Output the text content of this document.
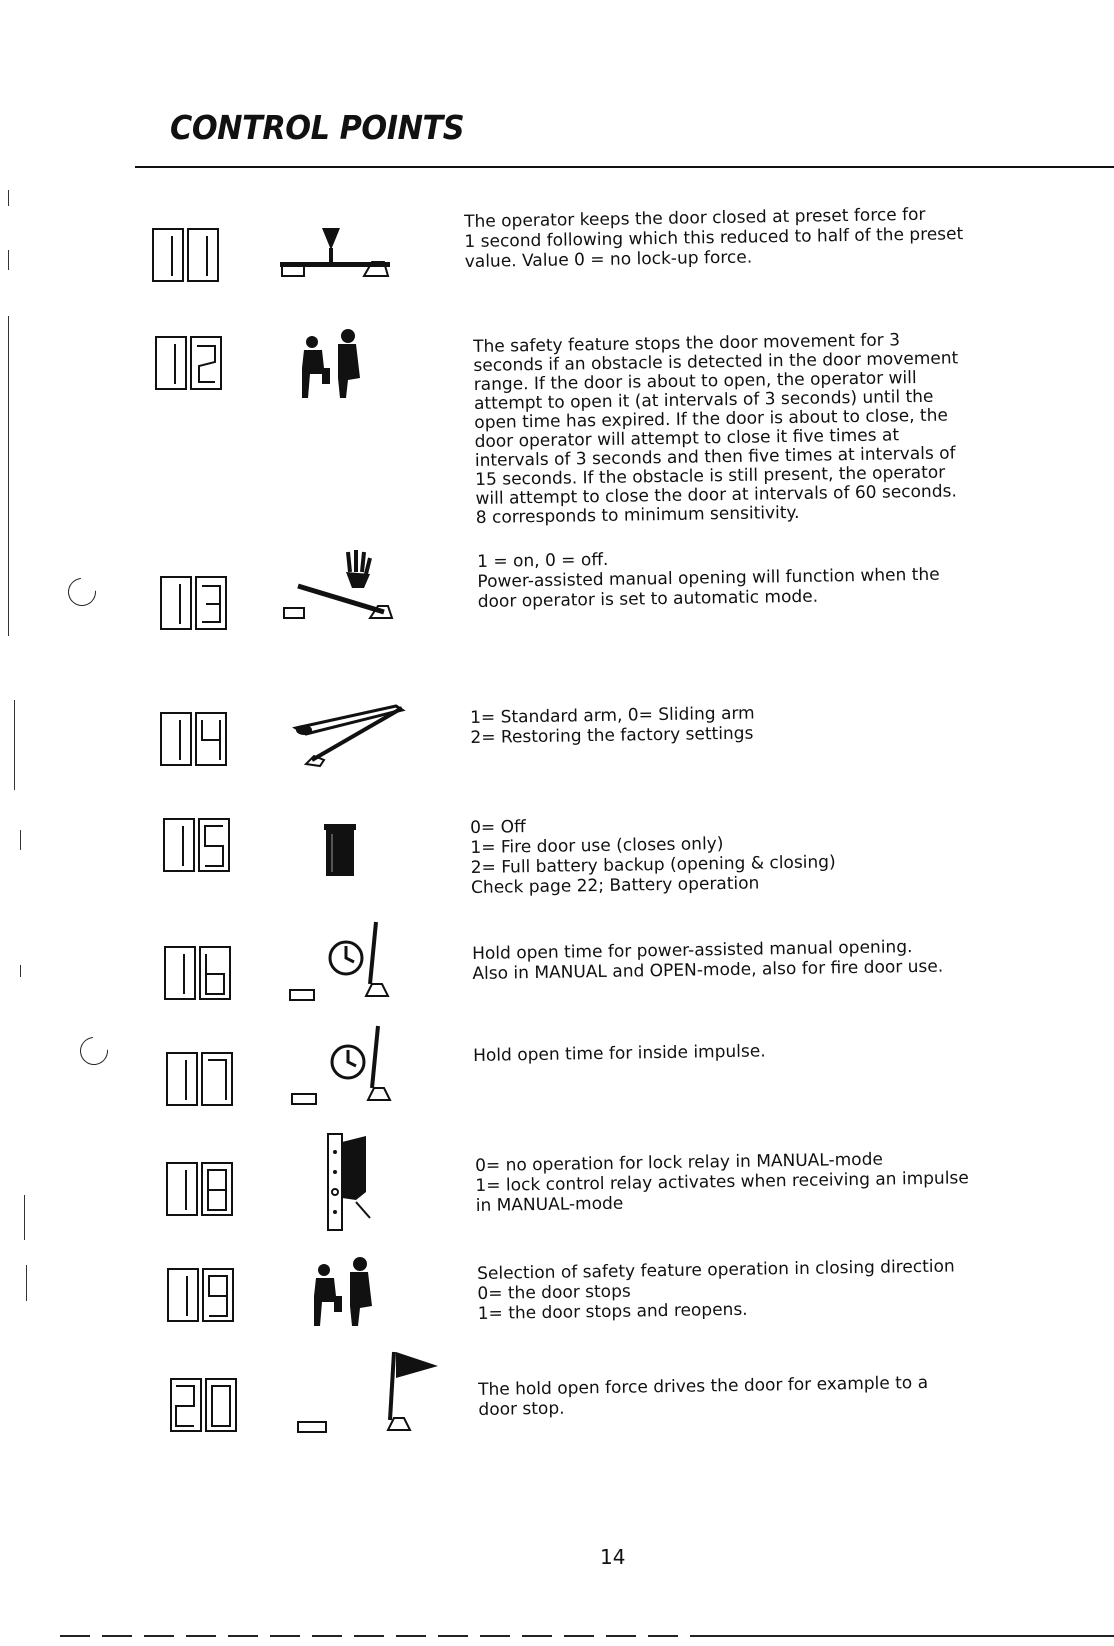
CONTROL POINTS
The operator keeps the door closed at preset force for
1 second following which this reduced to half of the preset
value. Value 0 = no lock-up force.
The safety feature stops the door movement for 3
seconds if an obstacle is detected in the door movement
range. If the door is about to open, the operator will
attempt to open it (at intervals of 3 seconds) until the
open time has expired. If the door is about to close, the
door operator will attempt to close it five times at
intervals of 3 seconds and then five times at intervals of
15 seconds. If the obstacle is still present, the operator
will attempt to close the door at intervals of 60 seconds.
8 corresponds to minimum sensitivity.
1 = on, 0 = off.
Power-assisted manual opening will function when the
door operator is set to automatic mode.
1= Standard arm, 0= Sliding arm
2= Restoring the factory settings
0= Off
1= Fire door use (closes only)
2= Full battery backup (opening & closing)
Check page 22; Battery operation
Hold open time for power-assisted manual opening.
Also in MANUAL and OPEN-mode, also for fire door use.
Hold open time for inside impulse.
0= no operation for lock relay in MANUAL-mode
1= lock control relay activates when receiving an impulse
in MANUAL-mode
Selection of safety feature operation in closing direction
0= the door stops
1= the door stops and reopens.
The hold open force drives the door for example to a
door stop.
14
